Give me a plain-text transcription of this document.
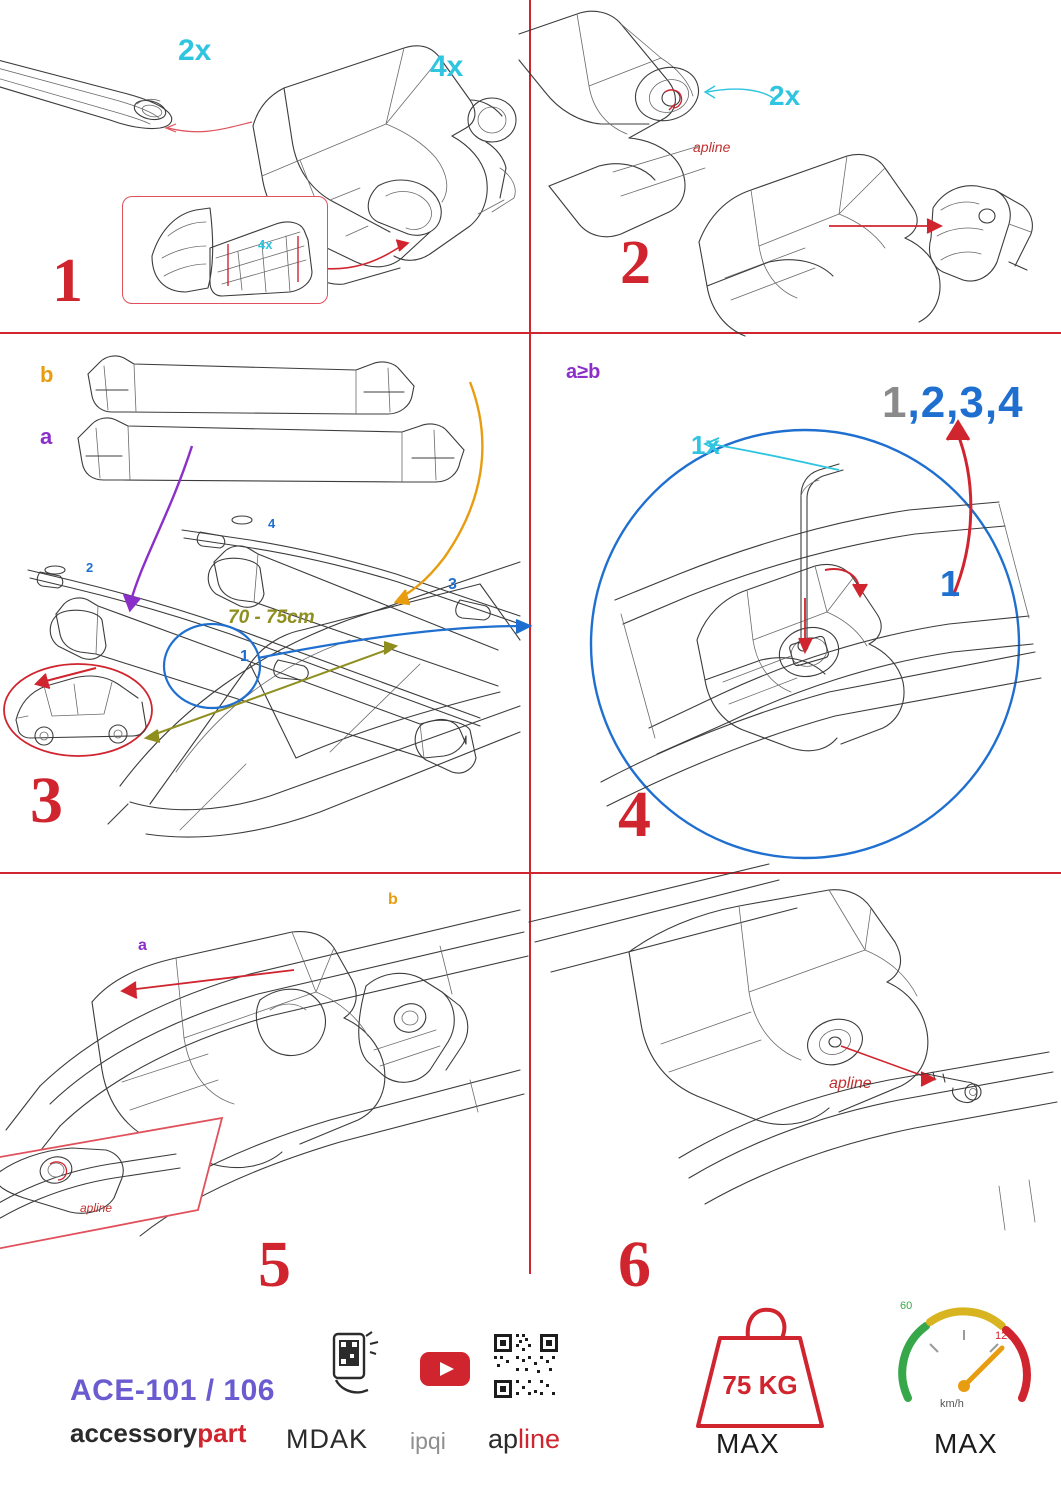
2x	4x
4x
1
apline
2x
2
b
a
a
b
70 - 75cm
1
2
3
4
3
1x
1,2,3,4
1
a≥b
4
apline
5
apline
6
75 KG
MAX
60
120
km/h
MAX
ACE-101 / 106
accessorypart MDAK ipqi apline
